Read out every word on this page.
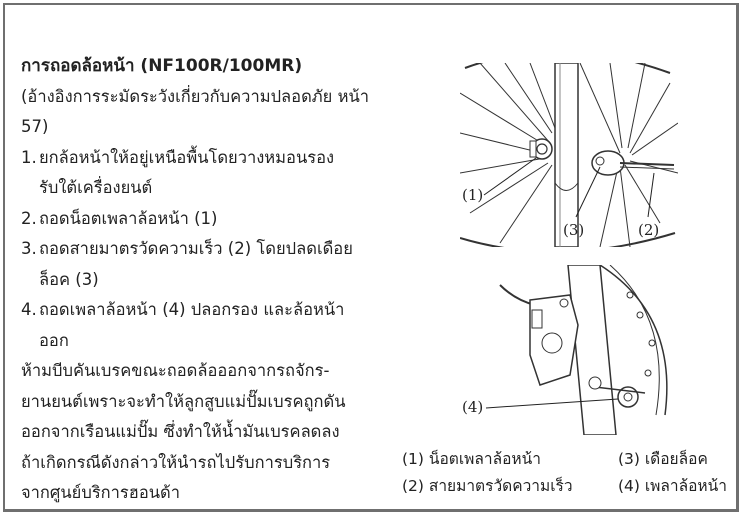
การถอดล้อหน้า (NF100R/100MR)

(อ้างอิงการระมัดระวังเกี่ยวกับความปลอดภัย หน้า 57)

1. ยกล้อหน้าให้อยู่เหนือพื้นโดยวางหมอนรอง
รับใต้เครื่องยนต์
2. ถอดน็อตเพลาล้อหน้า (1)
3. ถอดสายมาตรวัดความเร็ว (2) โดยปลดเดือย
ล็อค (3)
4. ถอดเพลาล้อหน้า (4) ปลอกรอง และล้อหน้า
ออก

ห้ามบีบคันเบรคขณะถอดล้อออกจากรถจักร-

ยานยนต์เพราะจะทำให้ลูกสูบแม่ปั๊มเบรคถูกดัน

ออกจากเรือนแม่ปั๊ม ซึ่งทำให้น้ำมันเบรคลดลง

ถ้าเกิดกรณีดังกล่าวให้นำรถไปรับการบริการ

จากศูนย์บริการฮอนด้า

(1)
(3)	(2)
(4)
(1) น็อตเพลาล้อหน้า	(3) เดือยล็อค
(2) สายมาตรวัดความเร็ว	(4) เพลาล้อหน้า
